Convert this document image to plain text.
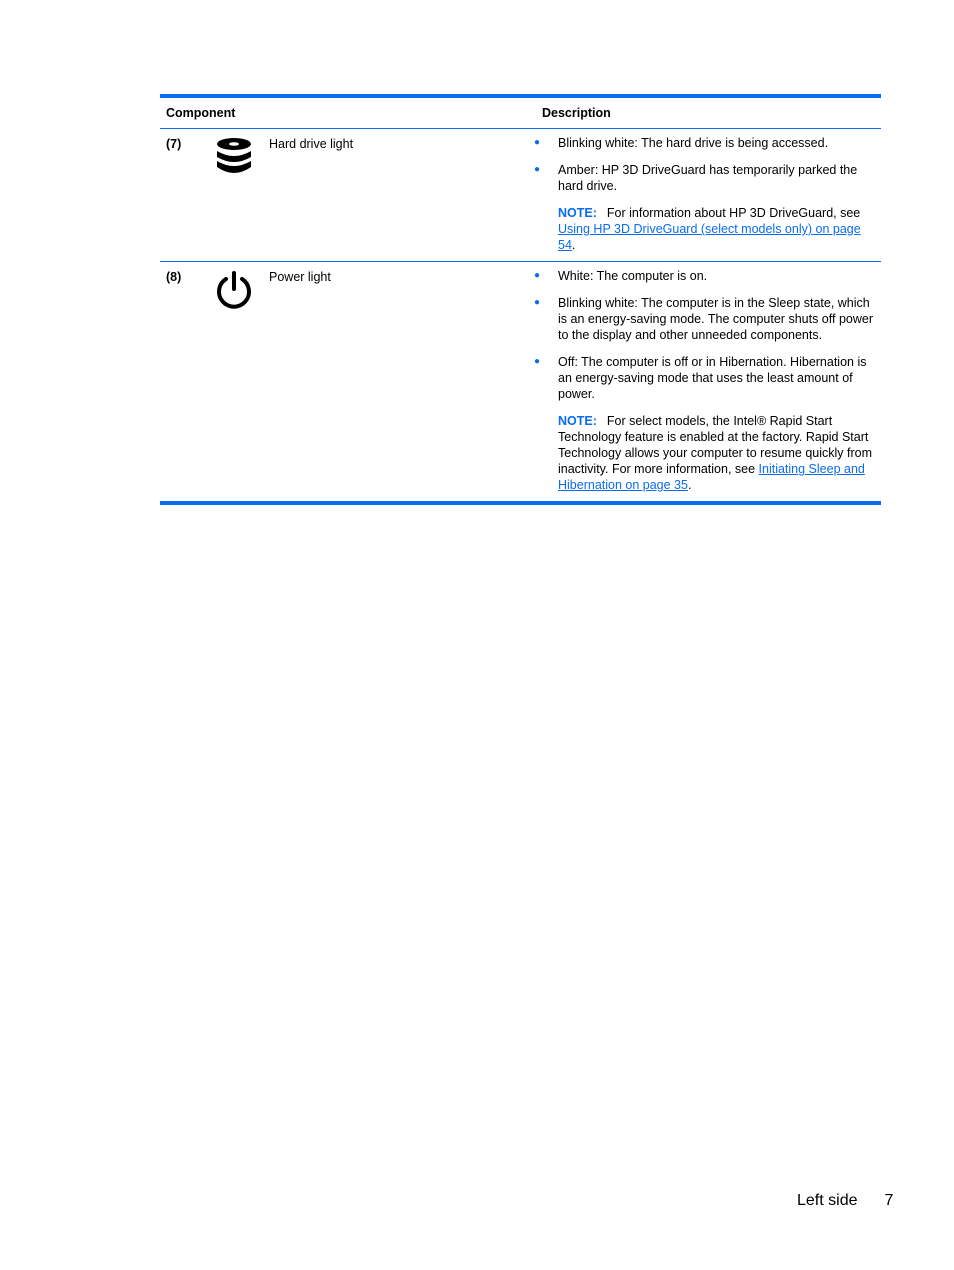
Component	Description
(7)	Hard drive light	●	Blinking white: The hard drive is being accessed.
●	Amber: HP 3D DriveGuard has temporarily parked the hard drive.
NOTE: For information about HP 3D DriveGuard, see Using HP 3D DriveGuard (select models only) on page 54.
(8)	Power light	●	White: The computer is on.
●	Blinking white: The computer is in the Sleep state, which is an energy-saving mode. The computer shuts off power to the display and other unneeded components.
●	Off: The computer is off or in Hibernation. Hibernation is an energy-saving mode that uses the least amount of power.
NOTE: For select models, the Intel® Rapid Start Technology feature is enabled at the factory. Rapid Start Technology allows your computer to resume quickly from inactivity. For more information, see Initiating Sleep and Hibernation on page 35.
Left side 7
